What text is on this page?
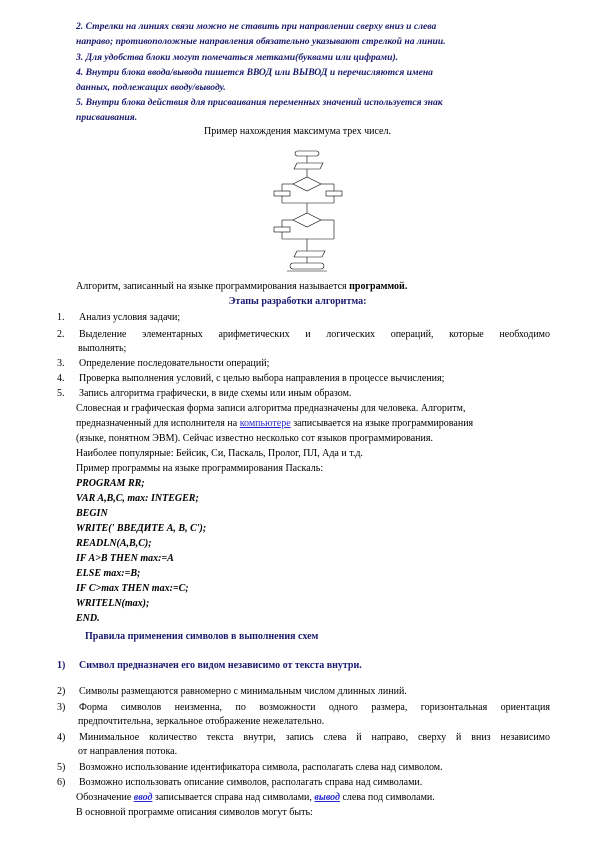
2. Стрелки на линиях связи можно не ставить при направлении сверху вниз и слева
направо; противоположные направления обязательно указывают стрелкой на линии.
3. Для удобства блоки могут помечаться метками(буквами или цифрами).
4. Внутри блока ввода/вывода пишется ВВОД или ВЫВОД и перечисляются имена
данных, подлежащих вводу/выводу.
5. Внутри блока действия для присваивания переменных значений используется знак
присваивания.
Пример нахождения максимума трех чисел.
Алгоритм, записанный на языке программирования называется программой.
Этапы разработки алгоритма:
1. Анализ условия задачи;
2. Выделение элементарных арифметических и логических операций, которые необходимо
выполнять;
3. Определение последовательности операций;
4. Проверка выполнения условий, с целью выбора направления в процессе вычисления;
5. Запись алгоритма графически, в виде схемы или иным образом.
Словесная и графическая форма записи алгоритма предназначены для человека. Алгоритм,
предназначенный для исполнителя на компьютере записывается на языке программирования
(языке, понятном ЭВМ). Сейчас известно несколько сот языков программирования.
Наиболее популярные: Бейсик, Си, Паскаль, Пролог, ПЛ, Ада и т.д.
Пример программы на языке программирования Паскаль:
PROGRAM RR;
VAR A,B,C, max: INTEGER;
BEGIN
WRITE(' ВВЕДИТЕ А, В, С');
READLN(A,B,C);
IF A>B THEN max:=A
ELSE max:=B;
IF C>max THEN max:=C;
WRITELN(max);
END.
Правила применения символов в выполнения схем
1) Символ предназначен его видом независимо от текста внутри.
2) Символы размещаются равномерно с минимальным числом длинных линий.
3) Форма символов неизменна, по возможности одного размера, горизонтальная ориентация
предпочтительна, зеркальное отображение нежелательно.
4) Минимальное количество текста внутри, запись слева й направо, сверху й вниз независимо
от направления потока.
5) Возможно использование идентификатора символа, располагать слева над символом.
6) Возможно использовать описание символов, располагать справа над символами.
Обозначение ввод записывается справа над символами, вывод слева под символами.
В основной программе описания символов могут быть:
